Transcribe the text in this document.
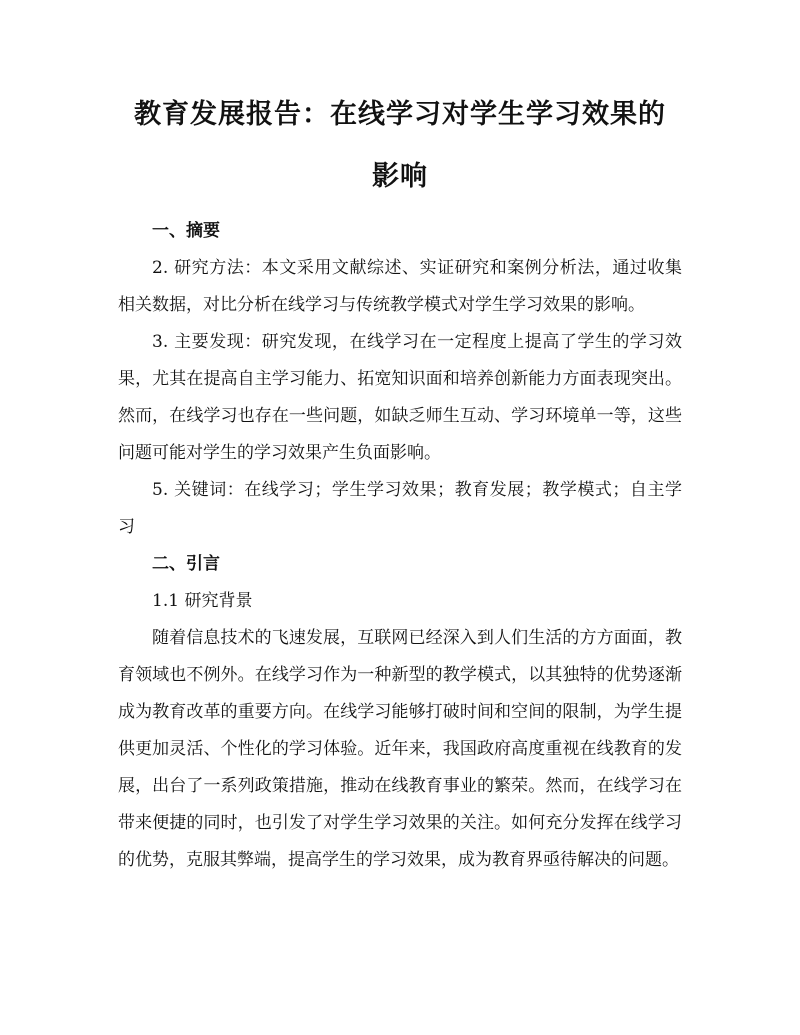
教育发展报告：在线学习对学生学习效果的
影响
一、摘要

2. 研究方法：本文采用文献综述、实证研究和案例分析法，通过收集相关数据，对比分析在线学习与传统教学模式对学生学习效果的影响。

3. 主要发现：研究发现，在线学习在一定程度上提高了学生的学习效果，尤其在提高自主学习能力、拓宽知识面和培养创新能力方面表现突出。然而，在线学习也存在一些问题，如缺乏师生互动、学习环境单一等，这些问题可能对学生的学习效果产生负面影响。

5. 关键词：在线学习；学生学习效果；教育发展；教学模式；自主学习

二、引言

1.1 研究背景

随着信息技术的飞速发展，互联网已经深入到人们生活的方方面面，教育领域也不例外。在线学习作为一种新型的教学模式，以其独特的优势逐渐成为教育改革的重要方向。在线学习能够打破时间和空间的限制，为学生提供更加灵活、个性化的学习体验。近年来，我国政府高度重视在线教育的发展，出台了一系列政策措施，推动在线教育事业的繁荣。然而，在线学习在带来便捷的同时，也引发了对学生学习效果的关注。如何充分发挥在线学习的优势，克服其弊端，提高学生的学习效果，成为教育界亟待解决的问题。
